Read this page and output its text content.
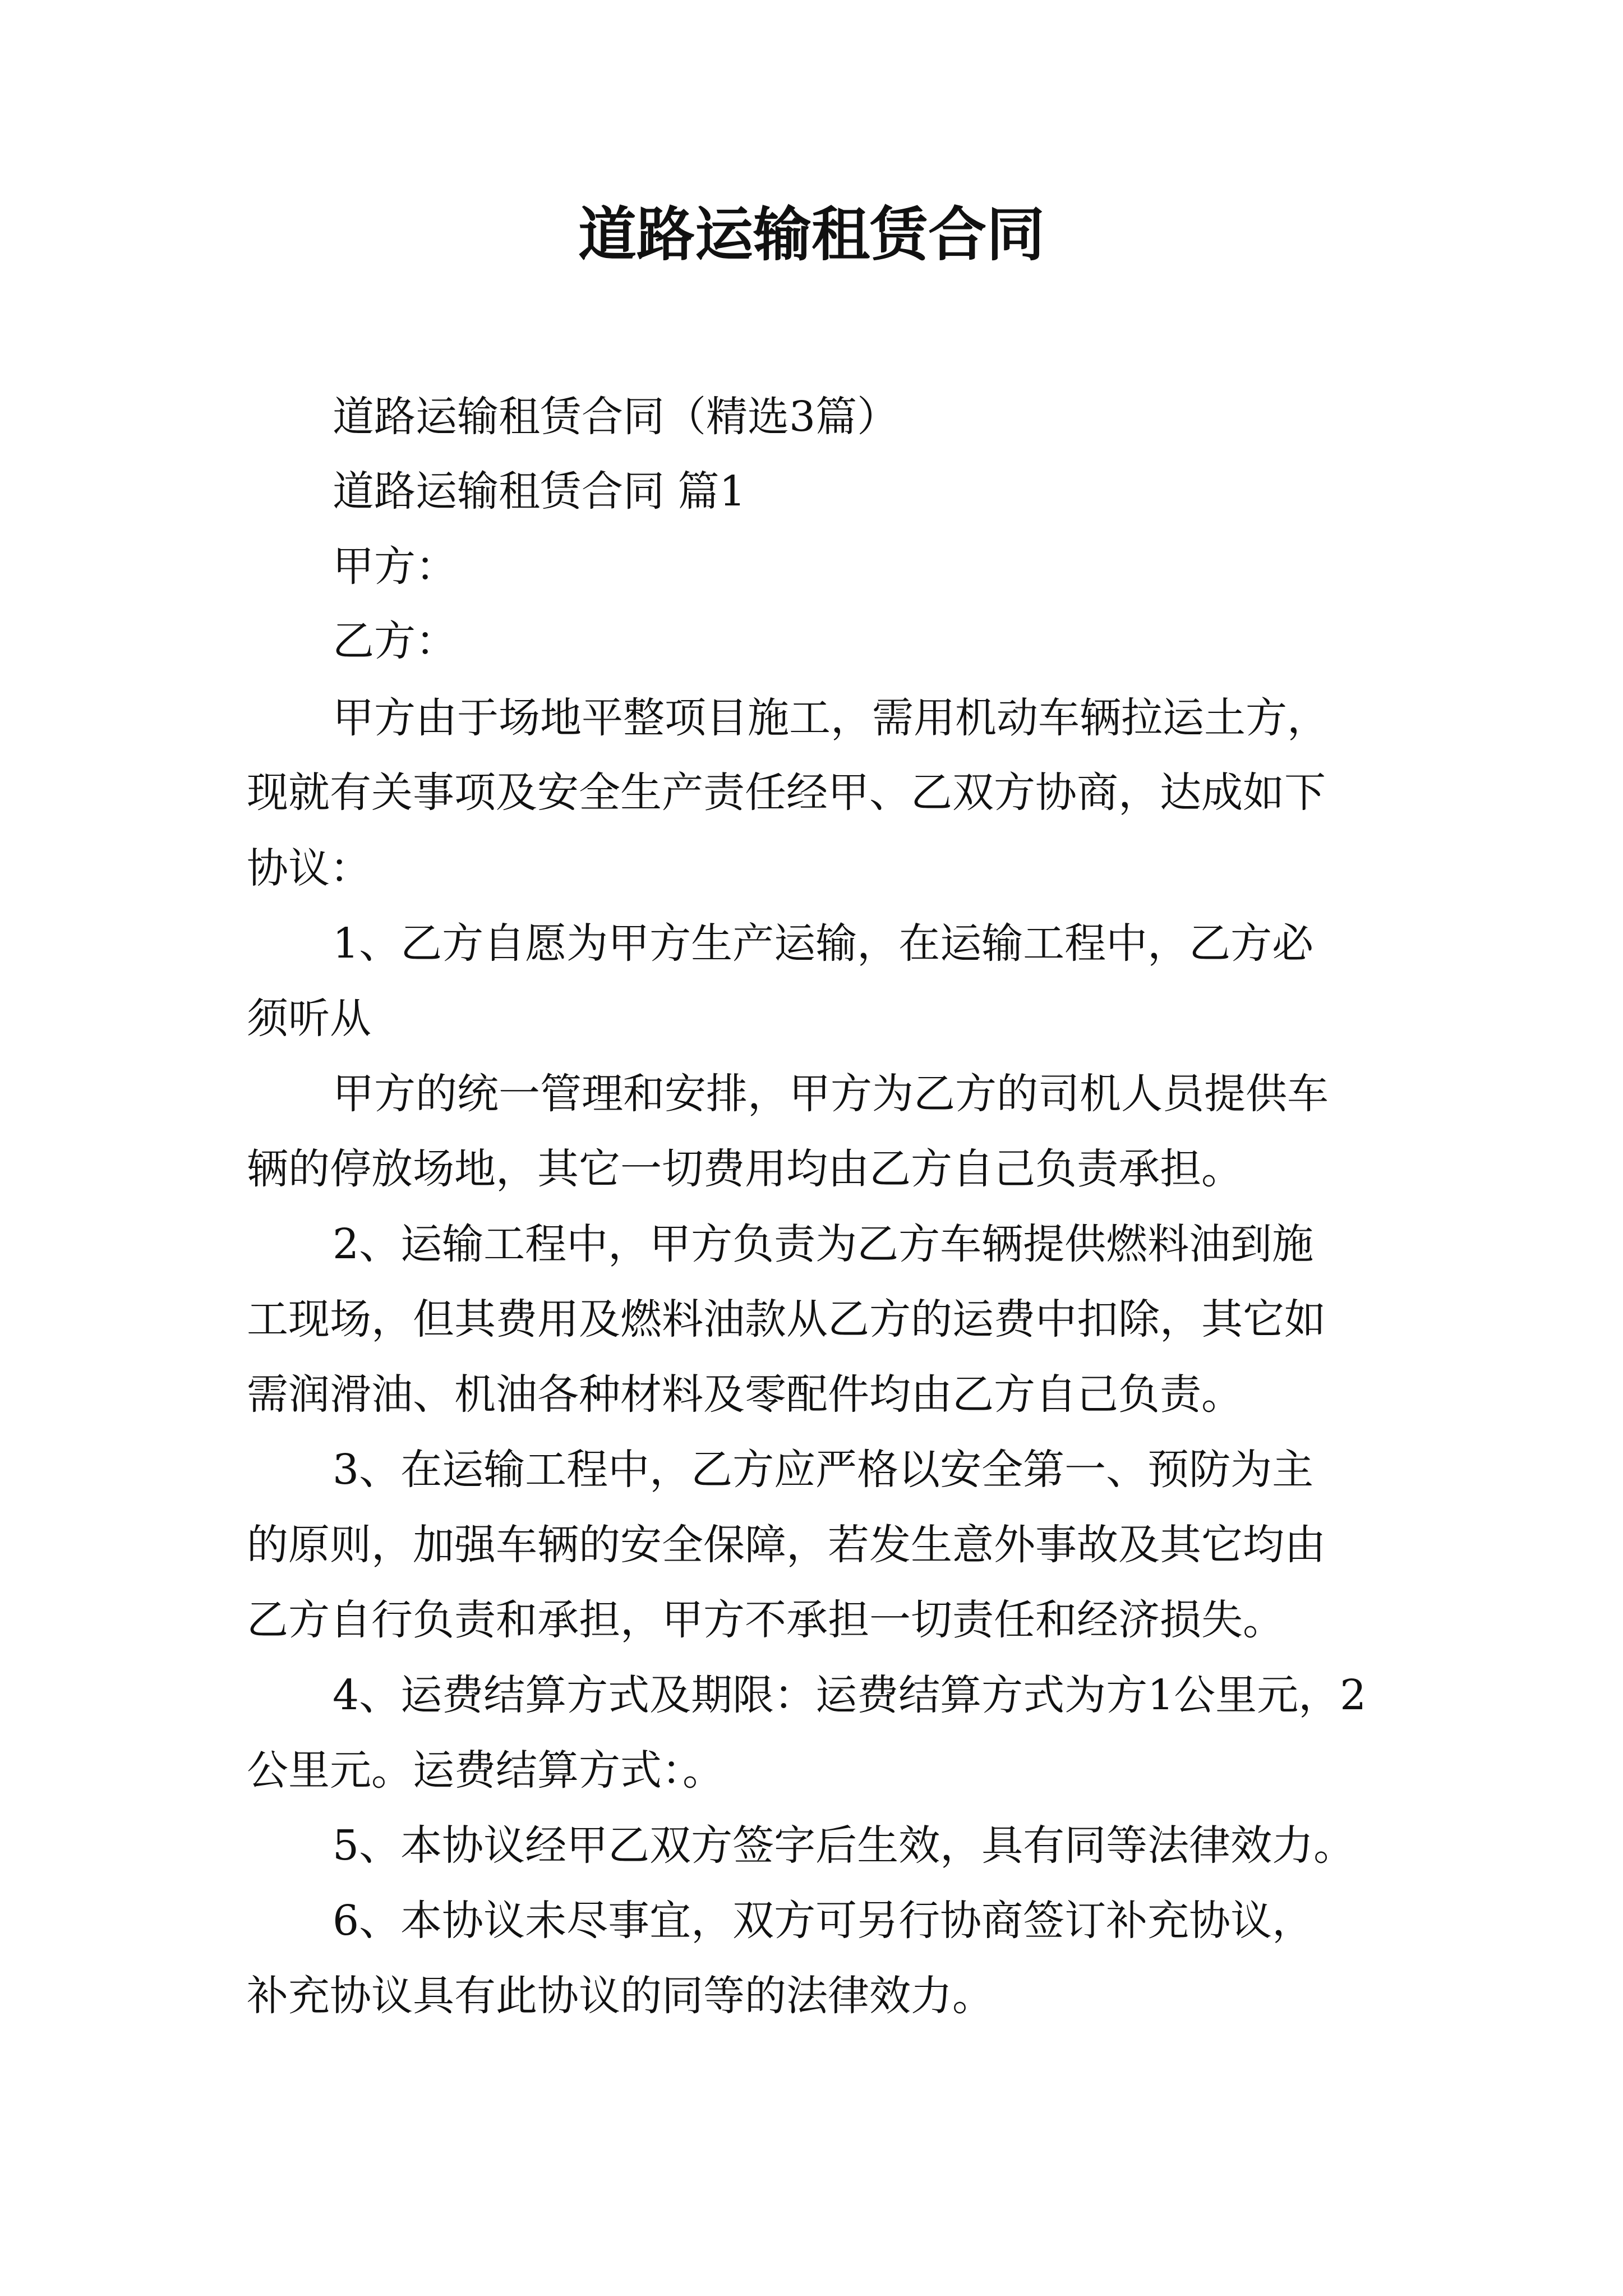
道路运输租赁合同

道路运输租赁合同（精选3篇）

道路运输租赁合同 篇1

甲方：

乙方：

甲方由于场地平整项目施工，需用机动车辆拉运土方，

现就有关事项及安全生产责任经甲、乙双方协商，达成如下

协议：

1、乙方自愿为甲方生产运输，在运输工程中，乙方必

须听从

甲方的统一管理和安排，甲方为乙方的司机人员提供车

辆的停放场地，其它一切费用均由乙方自己负责承担。

2、运输工程中，甲方负责为乙方车辆提供燃料油到施

工现场，但其费用及燃料油款从乙方的运费中扣除，其它如

需润滑油、机油各种材料及零配件均由乙方自己负责。

3、在运输工程中，乙方应严格以安全第一、预防为主

的原则，加强车辆的安全保障，若发生意外事故及其它均由

乙方自行负责和承担，甲方不承担一切责任和经济损失。

4、运费结算方式及期限：运费结算方式为方1公里元，2

公里元。运费结算方式：。

5、本协议经甲乙双方签字后生效，具有同等法律效力。

6、本协议未尽事宜，双方可另行协商签订补充协议，

补充协议具有此协议的同等的法律效力。
